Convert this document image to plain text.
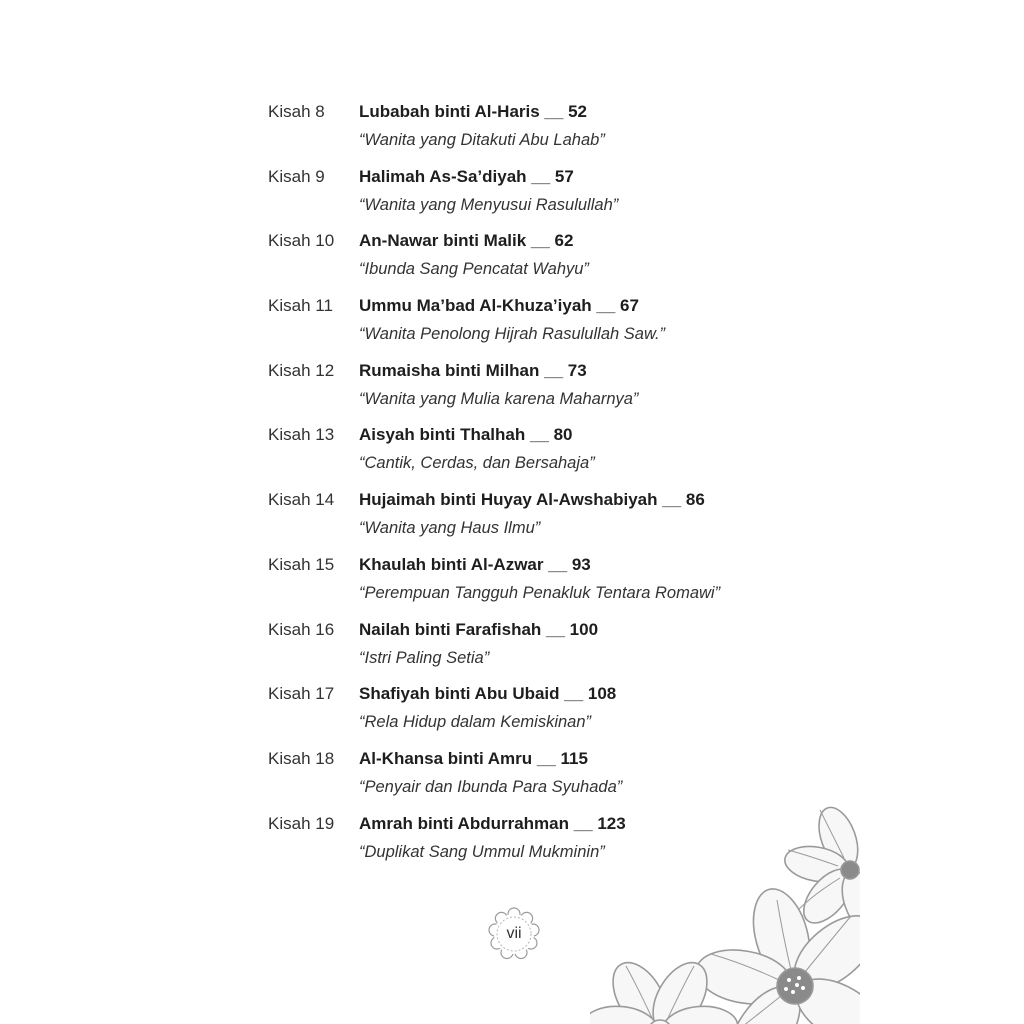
Kisah 8 Lubabah binti Al-Haris __ 52
“Wanita yang Ditakuti Abu Lahab”
Kisah 9 Halimah As-Sa’diyah __ 57
“Wanita yang Menyusui Rasulullah”
Kisah 10 An-Nawar binti Malik __ 62
“Ibunda Sang Pencatat Wahyu”
Kisah 11 Ummu Ma’bad Al-Khuza’iyah __ 67
“Wanita Penolong Hijrah Rasulullah Saw.”
Kisah 12 Rumaisha binti Milhan __ 73
“Wanita yang Mulia karena Maharnya”
Kisah 13 Aisyah binti Thalhah __ 80
“Cantik, Cerdas, dan Bersahaja”
Kisah 14 Hujaimah binti Huyay Al-Awshabiyah __ 86
“Wanita yang Haus Ilmu”
Kisah 15 Khaulah binti Al-Azwar __ 93
“Perempuan Tangguh Penakluk Tentara Romawi”
Kisah 16 Nailah binti Farafishah __ 100
“Istri Paling Setia”
Kisah 17 Shafiyah binti Abu Ubaid __ 108
“Rela Hidup dalam Kemiskinan”
Kisah 18 Al-Khansa binti Amru __ 115
“Penyair dan Ibunda Para Syuhada”
Kisah 19 Amrah binti Abdurrahman __ 123
“Duplikat Sang Ummul Mukminin”
vii
